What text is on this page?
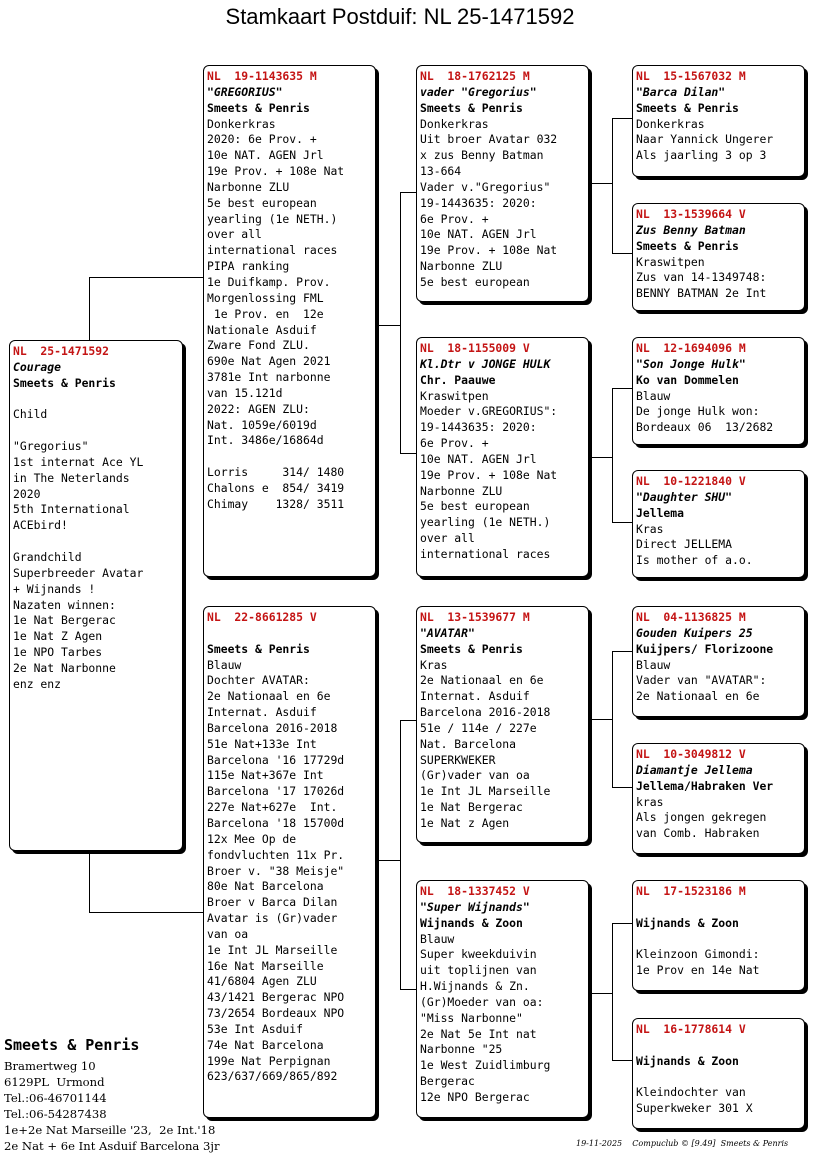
Stamkaart Postduif: NL 25-1471592
NL  25-1471592
Courage
Smeets & Penris
Child
"Gregorius"
1st internat Ace YL
in The Neterlands
2020
5th International
ACEbird!
Grandchild
Superbreeder Avatar
+ Wijnands !
Nazaten winnen:
1e Nat Bergerac
1e Nat Z Agen
1e NPO Tarbes
2e Nat Narbonne
enz enz
NL  19-1143635 M
"GREGORIUS"
Smeets & Penris
Donkerkras
2020: 6e Prov. +
10e NAT. AGEN Jrl
19e Prov. + 108e Nat
Narbonne ZLU
5e best european
yearling (1e NETH.)
over all
international races
PIPA ranking
1e Duifkamp. Prov.
Morgenlossing FML
1e Prov. en  12e
Nationale Asduif
Zware Fond ZLU.
690e Nat Agen 2021
3781e Int narbonne
van 15.121d
2022: AGEN ZLU:
Nat. 1059e/6019d
Int. 3486e/16864d
Lorris     314/ 1480
Chalons e  854/ 3419
Chimay    1328/ 3511
NL  22-8661285 V
Smeets & Penris
Blauw
Dochter AVATAR:
2e Nationaal en 6e
Internat. Asduif
Barcelona 2016-2018
51e Nat+133e Int
Barcelona '16 17729d
115e Nat+367e Int
Barcelona '17 17026d
227e Nat+627e  Int.
Barcelona '18 15700d
12x Mee Op de
fondvluchten 11x Pr.
Broer v. "38 Meisje"
80e Nat Barcelona
Broer v Barca Dilan
Avatar is (Gr)vader
van oa
1e Int JL Marseille
16e Nat Marseille
41/6804 Agen ZLU
43/1421 Bergerac NPO
73/2654 Bordeaux NPO
53e Int Asduif
74e Nat Barcelona
199e Nat Perpignan
623/637/669/865/892
NL  18-1762125 M
vader "Gregorius"
Smeets & Penris
Donkerkras
Uit broer Avatar 032
x zus Benny Batman
13-664
Vader v."Gregorius"
19-1443635: 2020:
6e Prov. +
10e NAT. AGEN Jrl
19e Prov. + 108e Nat
Narbonne ZLU
5e best european
NL  18-1155009 V
Kl.Dtr v JONGE HULK
Chr. Paauwe
Kraswitpen
Moeder v.GREGORIUS":
19-1443635: 2020:
6e Prov. +
10e NAT. AGEN Jrl
19e Prov. + 108e Nat
Narbonne ZLU
5e best european
yearling (1e NETH.)
over all
international races
NL  13-1539677 M
"AVATAR"
Smeets & Penris
Kras
2e Nationaal en 6e
Internat. Asduif
Barcelona 2016-2018
51e / 114e / 227e
Nat. Barcelona
SUPERKWEKER
(Gr)vader van oa
1e Int JL Marseille
1e Nat Bergerac
1e Nat z Agen
NL  18-1337452 V
"Super Wijnands"
Wijnands & Zoon
Blauw
Super kweekduivin
uit toplijnen van
H.Wijnands & Zn.
(Gr)Moeder van oa:
"Miss Narbonne"
2e Nat 5e Int nat
Narbonne "25
1e West Zuidlimburg
Bergerac
12e NPO Bergerac
NL  15-1567032 M
"Barca Dilan"
Smeets & Penris
Donkerkras
Naar Yannick Ungerer
Als jaarling 3 op 3
NL  13-1539664 V
Zus Benny Batman
Smeets & Penris
Kraswitpen
Zus van 14-1349748:
BENNY BATMAN 2e Int
NL  12-1694096 M
"Son Jonge Hulk"
Ko van Dommelen
Blauw
De jonge Hulk won:
Bordeaux 06  13/2682
NL  10-1221840 V
"Daughter SHU"
Jellema
Kras
Direct JELLEMA
Is mother of a.o.
NL  04-1136825 M
Gouden Kuipers 25
Kuijpers/ Florizoone
Blauw
Vader van "AVATAR":
2e Nationaal en 6e
NL  10-3049812 V
Diamantje Jellema
Jellema/Habraken Ver
kras
Als jongen gekregen
van Comb. Habraken
NL  17-1523186 M
Wijnands & Zoon
Kleinzoon Gimondi:
1e Prov en 14e Nat
NL  16-1778614 V
Wijnands & Zoon
Kleindochter van
Superkweker 301 X
Smeets & Penris
Bramertweg 10
6129PL  Urmond
Tel.:06-46701144
Tel.:06-54287438
1e+2e Nat Marseille '23,  2e Int.'18
2e Nat + 6e Int Asduif Barcelona 3jr	19-11-2025 Compuclub © [9.49] Smeets & Penris
